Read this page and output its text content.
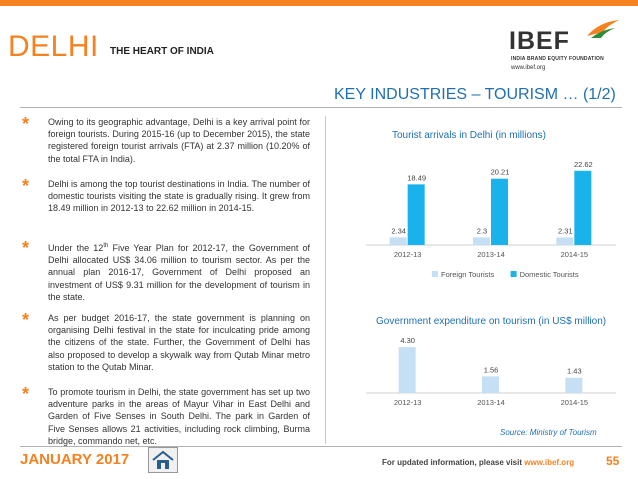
DELHI THE HEART OF INDIA	IBEF
INDIA BRAND EQUITY FOUNDATION
www.ibef.org
KEY INDUSTRIES – TOURISM … (1/2)
* Owing to its geographic advantage, Delhi is a key arrival point for foreign tourists. During 2015-16 (up to December 2015), the state registered foreign tourist arrivals (FTA) at 2.37 million (10.20% of the total FTA in India).
* Delhi is among the top tourist destinations in India. The number of domestic tourists visiting the state is gradually rising. It grew from 18.49 million in 2012-13 to 22.62 million in 2014-15.
* Under the 12th Five Year Plan for 2012-17, the Government of Delhi allocated US$ 34.06 million to tourism sector. As per the annual plan 2016-17, Government of Delhi proposed an investment of US$ 9.31 million for the development of tourism in the state.
* As per budget 2016-17, the state government is planning on organising Delhi festival in the state for inculcating pride among the citizens of the state. Further, the Government of Delhi has also proposed to develop a skywalk way from Qutab Minar metro station to the Qutab Minar.
* To promote tourism in Delhi, the state government has set up two adventure parks in the areas of Mayur Vihar in East Delhi and Garden of Five Senses in South Delhi. The park in Garden of Five Senses allows 21 activities, including rock climbing, Burma bridge, commando net, etc.
Tourist arrivals in Delhi (in millions)
2.34
18.49
2012-13
2.3
20.21
2013-14
2.31
22.62
2014-15
Foreign Tourists	Domestic Tourists
Government expenditure on tourism (in US$ million)
4.30
2012-13
1.56
2013-14
1.43
2014-15
Source: Ministry of Tourism
JANUARY 2017	For updated information, please visit www.ibef.org	55
